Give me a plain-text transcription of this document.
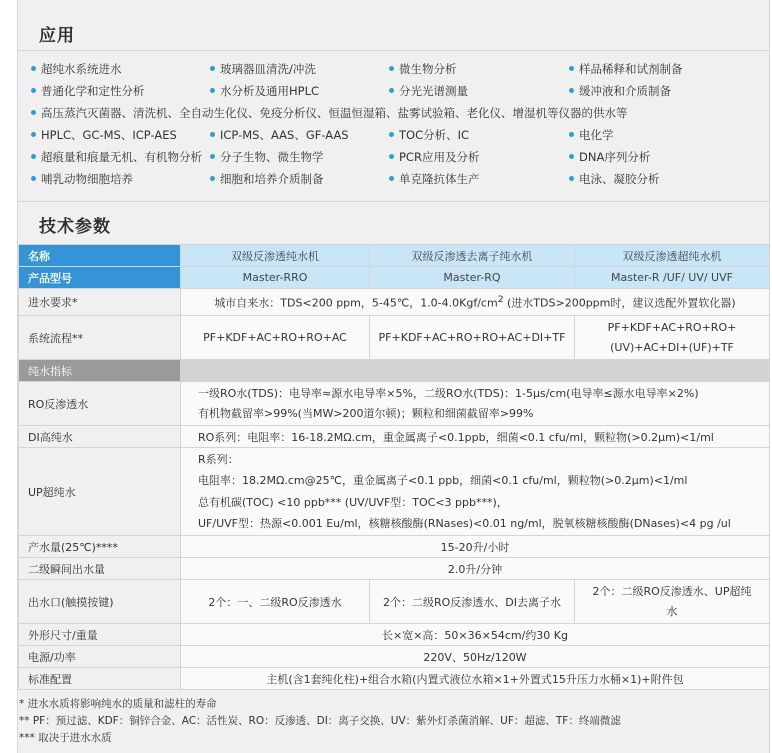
应用
超纯水系统进水	玻璃器皿清洗/冲洗	微生物分析	样品稀释和试剂制备
普通化学和定性分析	水分析及通用HPLC	分光光谱测量	缓冲液和介质制备
高压蒸汽灭菌器、清洗机、全自动生化仪、免疫分析仪、恒温恒湿箱、盐雾试验箱、老化仪、增湿机等仪器的供水等
HPLC、GC-MS、ICP-AES	ICP-MS、AAS、GF-AAS	TOC分析、IC	电化学
超痕量和痕量无机、有机物分析	分子生物、微生物学	PCR应用及分析	DNA序列分析
哺乳动物细胞培养	细胞和培养介质制备	单克隆抗体生产	电泳、凝胶分析
技术参数
名称	双级反渗透纯水机	双级反渗透去离子纯水机	双级反渗透超纯水机
产品型号	Master-RRO	Master-RQ	Master-R /UF/ UV/ UVF
进水要求*	城市自来水：TDS<200 ppm，5-45℃，$1.0-4.0Kgf/cm^2$ (进水TDS>200ppm时，建议选配外置软化器)		
系统流程**	PF+KDF+AC+RO+RO+AC	PF+KDF+AC+RO+RO+AC+DI+TF	PF+KDF+AC+RO+RO+
(UV)+AC+DI+(UF)+TF

纯水指标			
RO反渗透水	一级RO水(TDS)：电导率≈源水电导率×5%，二级RO水(TDS)：1-5μs/cm(电导率≤源水电导率×2%)
有机物截留率>99%(当MW>200道尔顿)；颗粒和细菌截留率>99%		

DI高纯水	RO系列：电阻率：16-18.2MΩ.cm，重金属离子<0.1ppb，细菌<0.1 cfu/ml，颗粒物(>0.2μm)<1/ml		
UP超纯水	R系列：
电阻率：18.2MΩ.cm@25℃，重金属离子<0.1 ppb，细菌<0.1 cfu/ml，颗粒物(>0.2μm)<1/ml
总有机碳(TOC) <10 ppb*** (UV/UVF型：TOC<3 ppb***)，
UF/UVF型：热源<0.001 Eu/ml，核糖核酸酶(RNases)<0.01 ng/ml，脱氧核糖核酸酶(DNases)<4 pg /ul		

产水量(25℃)****	15-20升/小时		
二级瞬间出水量	2.0升/分钟		
出水口(触摸按键)	2个：一、二级RO反渗透水	2个：二级RO反渗透水、DI去离子水	2个：二级RO反渗透水、UP超纯
水

外形尺寸/重量	长×宽×高：50×36×54cm/约30 Kg		
电源/功率	220V、50Hz/120W		
标准配置	主机(含1套纯化柱)+组合水箱(内置式液位水箱×1+外置式15升压力水桶×1)+附件包		
* 进水水质将影响纯水的质量和滤柱的寿命
** PF：预过滤、KDF：铜锌合金、AC：活性炭、RO：反渗透、DI：离子交换、UV：紫外灯杀菌消解、UF：超滤、TF：终端微滤
*** 取决于进水水质
